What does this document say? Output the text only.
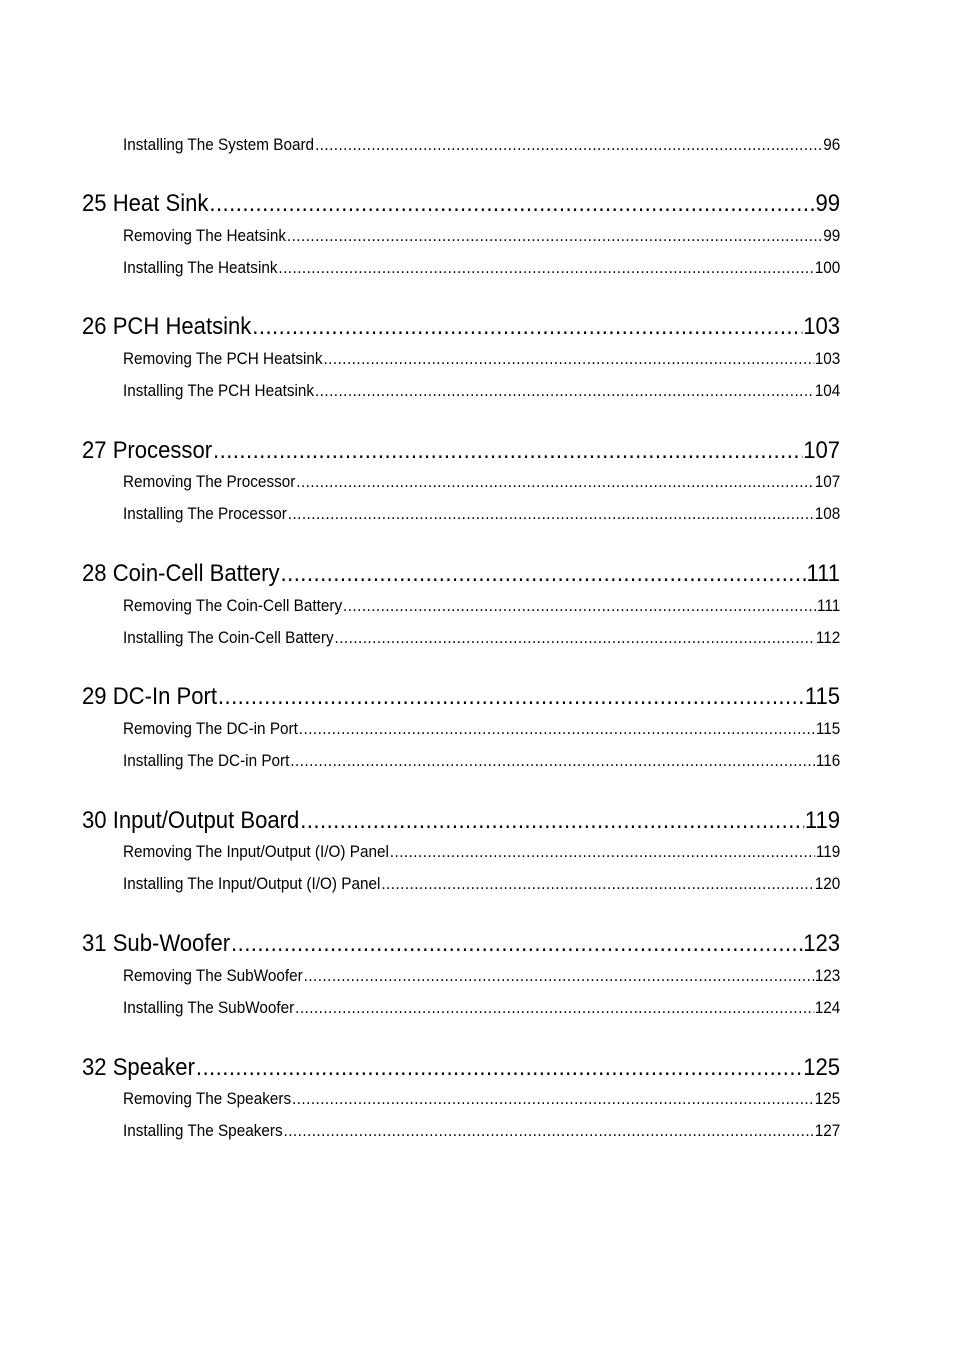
Installing The System Board .....	96
25 Heat Sink .....	99
Removing The Heatsink .....	99
Installing The Heatsink .....	100
26 PCH Heatsink .....	103
Removing The PCH Heatsink .....	103
Installing The PCH Heatsink .....	104
27 Processor .....	107
Removing The Processor .....	107
Installing The Processor .....	108
28 Coin-Cell Battery .....	111
Removing The Coin-Cell Battery .....	111
Installing The Coin-Cell Battery .....	112
29 DC-In Port .....	115
Removing The DC-in Port .....	115
Installing The DC-in Port .....	116
30 Input/Output Board .....	119
Removing The Input/Output (I/O) Panel .....	119
Installing The Input/Output (I/O) Panel .....	120
31 Sub-Woofer .....	123
Removing The SubWoofer .....	123
Installing The SubWoofer .....	124
32 Speaker .....	125
Removing The Speakers .....	125
Installing The Speakers .....	127
